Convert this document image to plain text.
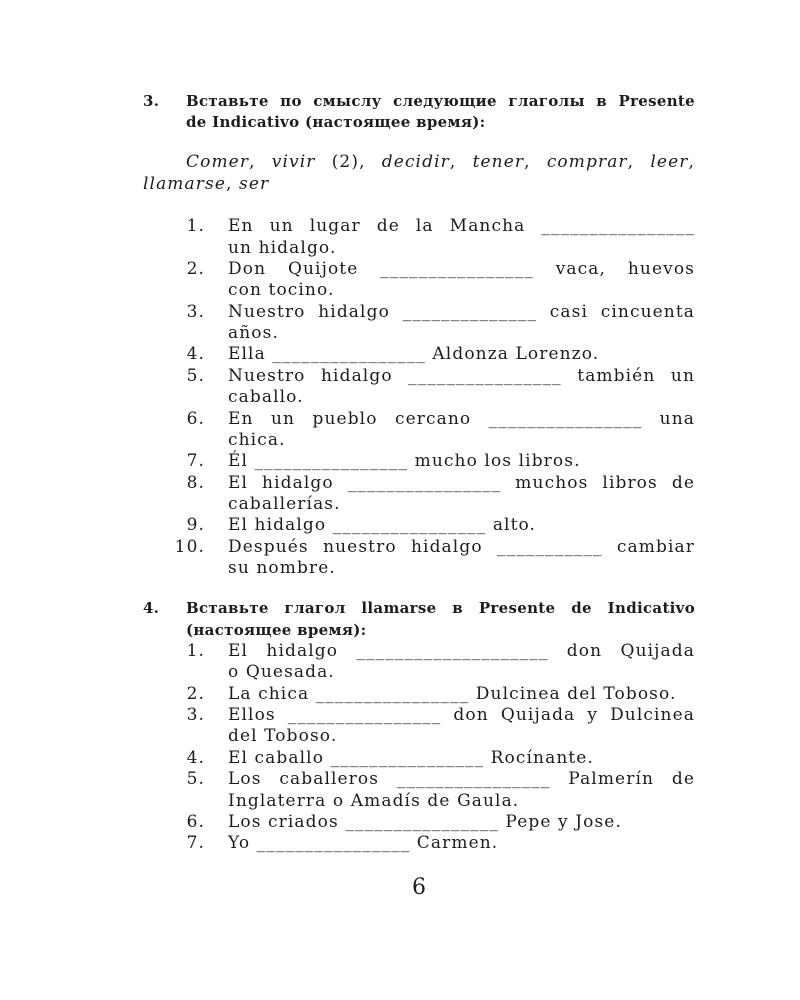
3. Вставьте по смыслу следующие глаголы в Presente
de Indicativo (настоящее время):
Comer, vivir (2), decidir, tener, comprar, leer,
llamarse, ser
1. En un lugar de la Mancha ________________
un hidalgo.
2. Don Quijote ________________ vaca, huevos
con tocino.
3. Nuestro hidalgo ______________ casi cincuenta
años.
4. Ella ________________ Aldonza Lorenzo.
5. Nuestro hidalgo ________________ también un
caballo.
6. En un pueblo cercano ________________ una
chica.
7. Él ________________ mucho los libros.
8. El hidalgo ________________ muchos libros de
caballerías.
9. El hidalgo ________________ alto.
10. Después nuestro hidalgo ___________ cambiar
su nombre.
4. Вставьте глагол llamarse в Presente de Indicativo
(настоящее время):
1. El hidalgo ____________________ don Quijada
o Quesada.
2. La chica ________________ Dulcinea del Toboso.
3. Ellos ________________ don Quijada y Dulcinea
del Toboso.
4. El caballo ________________ Rocínante.
5. Los caballeros ________________ Palmerín de
Inglaterra o Amadís de Gaula.
6. Los criados ________________ Pepe y Jose.
7. Yo ________________ Carmen.
6
